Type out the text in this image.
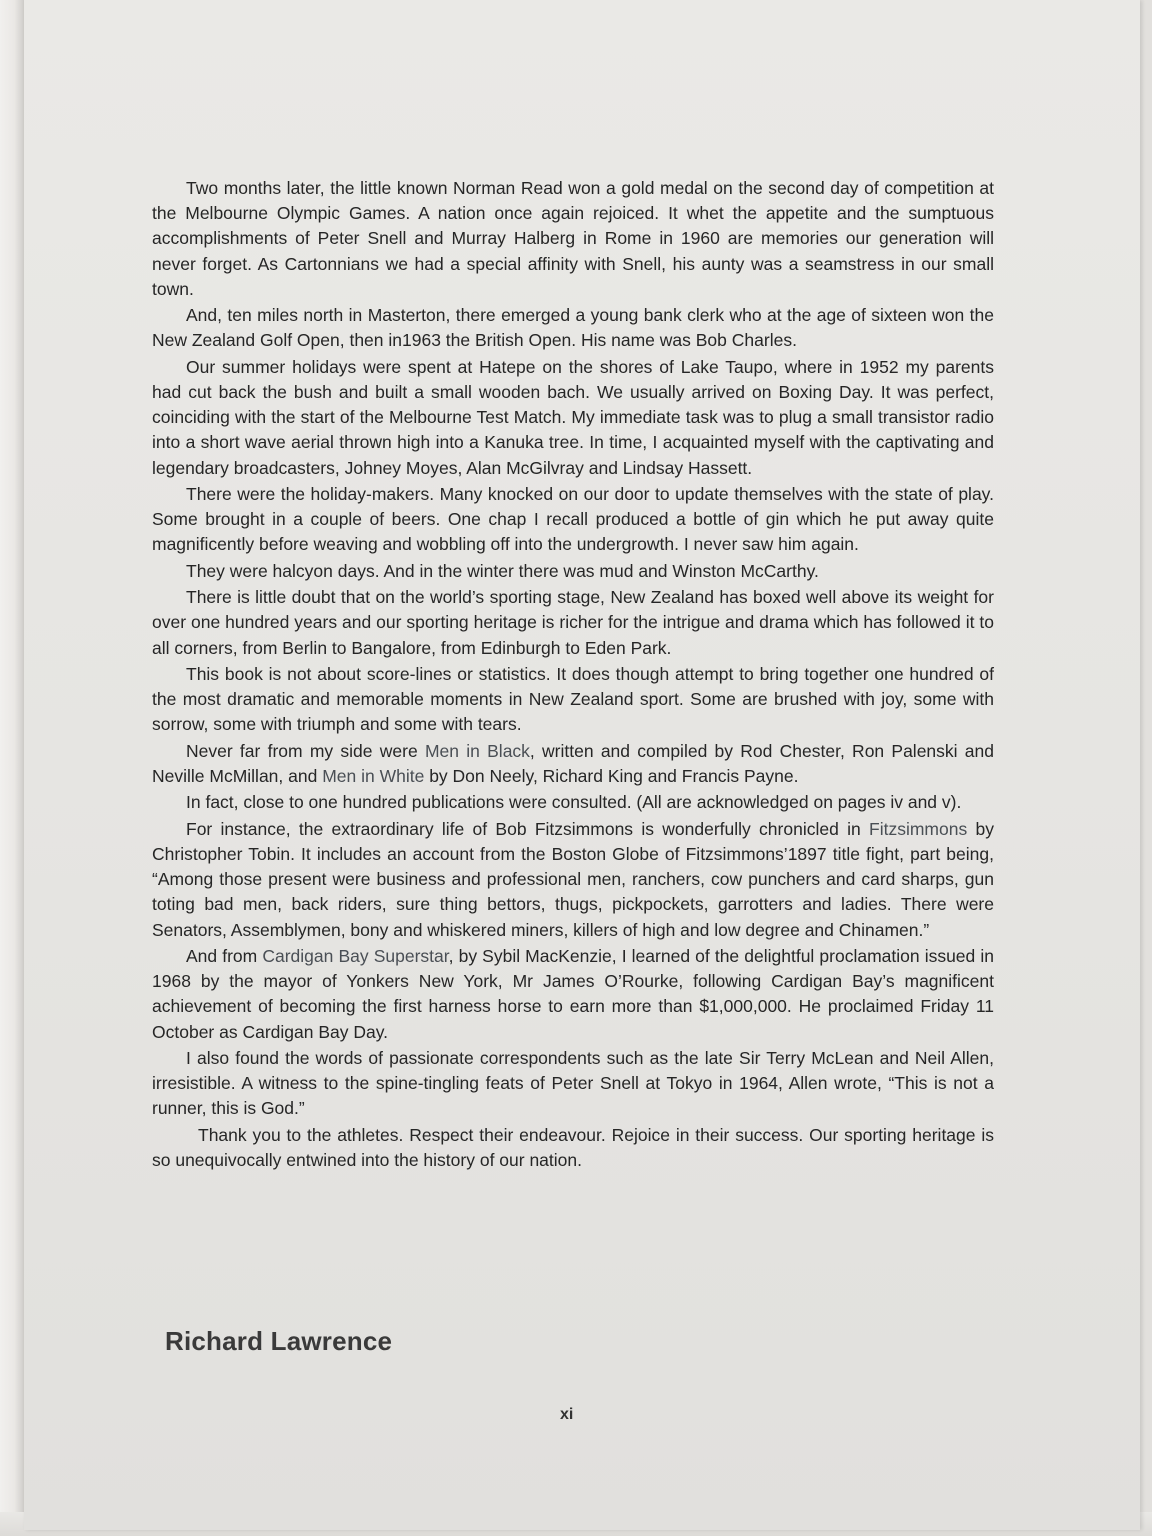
Two months later, the little known Norman Read won a gold medal on the second day of competition at the Melbourne Olympic Games. A nation once again rejoiced. It whet the appetite and the sumptuous accomplishments of Peter Snell and Murray Halberg in Rome in 1960 are memories our generation will never forget. As Cartonnians we had a special affinity with Snell, his aunty was a seamstress in our small town.

And, ten miles north in Masterton, there emerged a young bank clerk who at the age of sixteen won the New Zealand Golf Open, then in1963 the British Open. His name was Bob Charles.

Our summer holidays were spent at Hatepe on the shores of Lake Taupo, where in 1952 my parents had cut back the bush and built a small wooden bach. We usually arrived on Boxing Day. It was perfect, coinciding with the start of the Melbourne Test Match. My immediate task was to plug a small transistor radio into a short wave aerial thrown high into a Kanuka tree. In time, I acquainted myself with the captivating and legendary broadcasters, Johney Moyes, Alan McGilvray and Lindsay Hassett.

There were the holiday-makers. Many knocked on our door to update themselves with the state of play. Some brought in a couple of beers. One chap I recall produced a bottle of gin which he put away quite magnificently before weaving and wobbling off into the undergrowth. I never saw him again.

They were halcyon days. And in the winter there was mud and Winston McCarthy.

There is little doubt that on the world’s sporting stage, New Zealand has boxed well above its weight for over one hundred years and our sporting heritage is richer for the intrigue and drama which has followed it to all corners, from Berlin to Bangalore, from Edinburgh to Eden Park.

This book is not about score-lines or statistics. It does though attempt to bring together one hundred of the most dramatic and memorable moments in New Zealand sport. Some are brushed with joy, some with sorrow, some with triumph and some with tears.

Never far from my side were Men in Black, written and compiled by Rod Chester, Ron Palenski and Neville McMillan, and Men in White by Don Neely, Richard King and Francis Payne.

In fact, close to one hundred publications were consulted. (All are acknowledged on pages iv and v).

For instance, the extraordinary life of Bob Fitzsimmons is wonderfully chronicled in Fitzsimmons by Christopher Tobin. It includes an account from the Boston Globe of Fitzsimmons’1897 title fight, part being, “Among those present were business and professional men, ranchers, cow punchers and card sharps, gun toting bad men, back riders, sure thing bettors, thugs, pickpockets, garrotters and ladies. There were Senators, Assemblymen, bony and whiskered miners, killers of high and low degree and Chinamen.”

And from Cardigan Bay Superstar, by Sybil MacKenzie, I learned of the delightful proclamation issued in 1968 by the mayor of Yonkers New York, Mr James O’Rourke, following Cardigan Bay’s magnificent achievement of becoming the first harness horse to earn more than $1,000,000. He proclaimed Friday 11 October as Cardigan Bay Day.

I also found the words of passionate correspondents such as the late Sir Terry McLean and Neil Allen, irresistible. A witness to the spine-tingling feats of Peter Snell at Tokyo in 1964, Allen wrote, “This is not a runner, this is God.”

Thank you to the athletes. Respect their endeavour. Rejoice in their success. Our sporting heritage is so unequivocally entwined into the history of our nation.

Richard Lawrence
xi
